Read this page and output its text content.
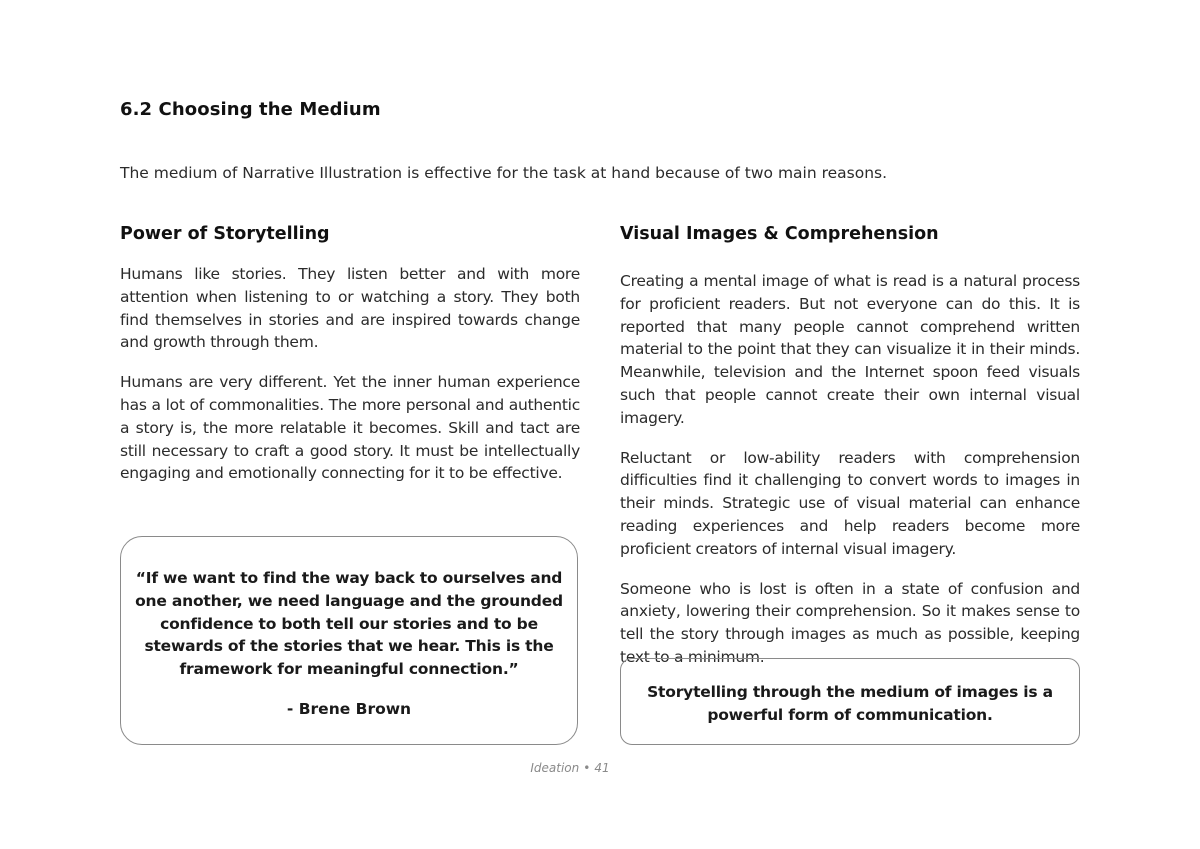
6.2 Choosing the Medium

The medium of Narrative Illustration is effective for the task at hand because of two main reasons.

Power of Storytelling

Humans like stories. They listen better and with more attention when listening to or watching a story. They both find themselves in stories and are inspired towards change and growth through them.

Humans are very different. Yet the inner human experience has a lot of commonalities. The more personal and authentic a story is, the more relatable it becomes. Skill and tact are still necessary to craft a good story. It must be intellectually engaging and emotionally connecting for it to be effective.

Visual Images & Comprehension

Creating a mental image of what is read is a natural process for proficient readers. But not everyone can do this. It is reported that many people cannot comprehend written material to the point that they can visualize it in their minds. Meanwhile, television and the Internet spoon feed visuals such that people cannot create their own internal visual imagery.

Reluctant or low-ability readers with comprehension difficulties find it challenging to convert words to images in their minds. Strategic use of visual material can enhance reading experiences and help readers become more proficient creators of internal visual imagery.

Someone who is lost is often in a state of confusion and anxiety, lowering their comprehension. So it makes sense to tell the story through images as much as possible, keeping text to a minimum.

“If we want to find the way back to ourselves and one another, we need language and the grounded confidence to both tell our stories and to be stewards of the stories that we hear. This is the framework for meaningful connection.”

- Brene Brown

Storytelling through the medium of images is a powerful form of communication.

Ideation • 41
